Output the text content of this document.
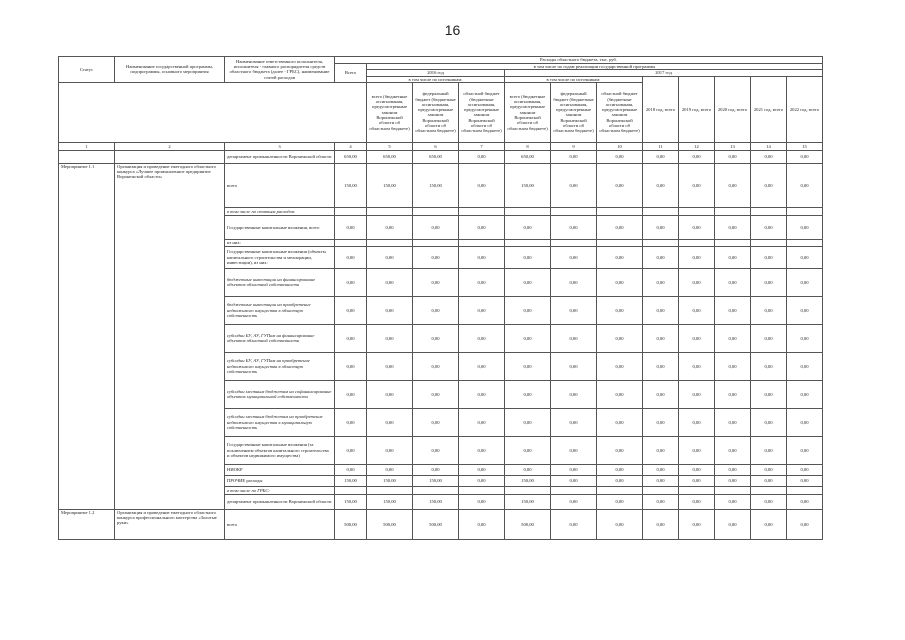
16
Статус	Наименование государственной программы, подпрограммы, основного мероприятия	Наименование ответственного исполнителя, исполнителя - главного распорядителя средств областного бюджета (далее - ГРБС), наименование статей расходов	Расходы областного бюджета, тыс. руб.											
			Всего	в том числе по годам реализации государственной программы										
				2016 год			2017 год							
				в том числе по источникам:			в том числе по источникам:			2018 год, всего	2019 год, всего	2020 год, всего	2021 год, всего	2022 год, всего
				всего (бюджетные ассигнования, предусмотренные законом Воронежской области об областном бюджете)	федеральный бюджет (бюджетные ассигнования, предусмотренные законом Воронежской области об областном бюджете)	областной бюджет (бюджетные ассигнования, предусмотренные законом Воронежской области об областном бюджете)	всего (бюджетные ассигнования, предусмотренные законом Воронежской области об областном бюджете)	федеральный бюджет (бюджетные ассигнования, предусмотренные законом Воронежской области об областном бюджете)	областной бюджет (бюджетные ассигнования, предусмотренные законом Воронежской области об областном бюджете)					
1	2	3	4	5	6	7	8	9	10	11	12	13	14	15
		департамент промышленности Воронежской области	650,00	650,00	650,00	0,00	650,00	0,00	0,00	0,00	0,00	0,00	0,00	0,00
Мероприятие 1.1	Организация и проведение ежегодного областного конкурса «Лучшее промышленное предприятие Воронежской области»	всего	150,00	150,00	150,00	0,00	150,00	0,00	0,00	0,00	0,00	0,00	0,00	0,00
		в том числе по статьям расходов:												
		Государственные капитальные вложения, всего	0,00	0,00	0,00	0,00	0,00	0,00	0,00	0,00	0,00	0,00	0,00	0,00
		из них:												
		Государственные капитальные вложения (объекты капитального строительства и мелиорации, инвестиции), из них:	0,00	0,00	0,00	0,00	0,00	0,00	0,00	0,00	0,00	0,00	0,00	0,00
		бюджетные инвестиции на финансирование объектов областной собственности	0,00	0,00	0,00	0,00	0,00	0,00	0,00	0,00	0,00	0,00	0,00	0,00
		бюджетные инвестиции на приобретение недвижимого имущества в областную собственность	0,00	0,00	0,00	0,00	0,00	0,00	0,00	0,00	0,00	0,00	0,00	0,00
		субсидии БУ, АУ, ГУПам на финансирование объектов областной собственности	0,00	0,00	0,00	0,00	0,00	0,00	0,00	0,00	0,00	0,00	0,00	0,00
		субсидии БУ, АУ, ГУПам на приобретение недвижимого имущества в областную собственность	0,00	0,00	0,00	0,00	0,00	0,00	0,00	0,00	0,00	0,00	0,00	0,00
		субсидии местным бюджетам на софинансирование объектов муниципальной собственности	0,00	0,00	0,00	0,00	0,00	0,00	0,00	0,00	0,00	0,00	0,00	0,00
		субсидии местным бюджетам на приобретение недвижимого имущества в муниципальную собственность	0,00	0,00	0,00	0,00	0,00	0,00	0,00	0,00	0,00	0,00	0,00	0,00
		Государственные капитальные вложения (за исключением объектов капитального строительства и объектов недвижимого имущества)	0,00	0,00	0,00	0,00	0,00	0,00	0,00	0,00	0,00	0,00	0,00	0,00
		НИОКР	0,00	0,00	0,00	0,00	0,00	0,00	0,00	0,00	0,00	0,00	0,00	0,00
		ПРОЧИЕ расходы	150,00	150,00	150,00	0,00	150,00	0,00	0,00	0,00	0,00	0,00	0,00	0,00
		в том числе по ГРБС:												
		департамент промышленности Воронежской области	150,00	150,00	150,00	0,00	150,00	0,00	0,00	0,00	0,00	0,00	0,00	0,00
Мероприятие 1.2	Организация и проведение ежегодного областного конкурса профессионального мастерства «Золотые руки»	всего	500,00	500,00	500,00	0,00	500,00	0,00	0,00	0,00	0,00	0,00	0,00	0,00
